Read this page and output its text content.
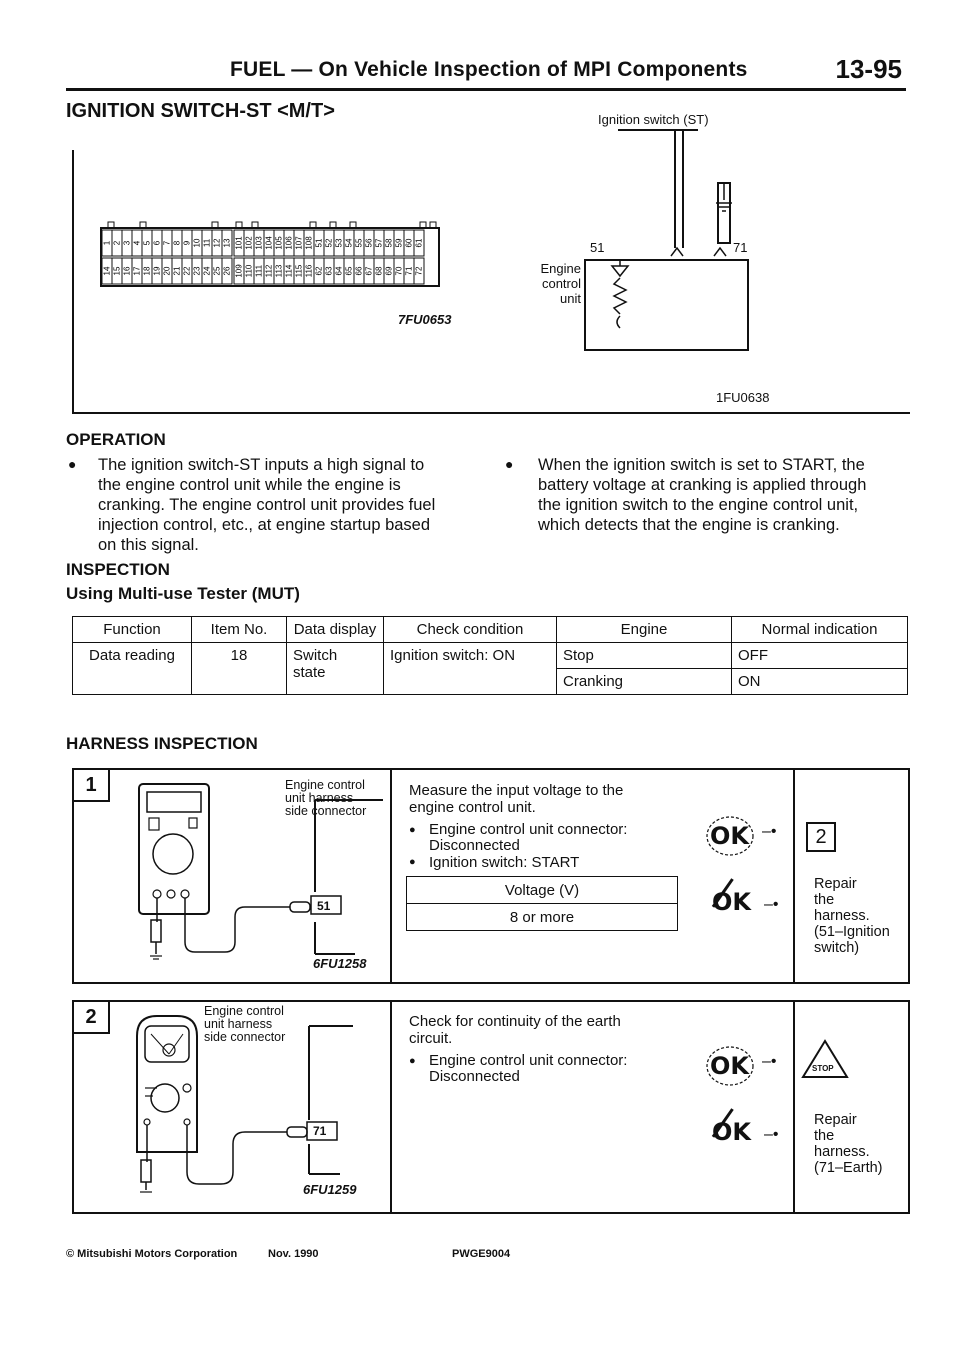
FUEL — On Vehicle Inspection of MPI Components	13-95
IGNITION SWITCH-ST <M/T>
1 2 3 4 5 6 7 8 9 10 11 12 13 101 102 103 104 105 106 107 108 51 52 53 54 55 56 57 58 59 60 61
14 15 16 17 18 19 20 21 22 23 24 25 26 109 110 111 112 113 114 115 116 62 63 64 65 66 67 68 69 70 71 72
7FU0653
Ignition switch (ST)
51	71
Engine
control
unit
1FU0638
OPERATION
● The ignition switch-ST inputs a high signal to
the engine control unit while the engine is
cranking. The engine control unit provides fuel
injection control, etc., at engine startup based
on this signal.
● When the ignition switch is set to START, the
battery voltage at cranking is applied through
the ignition switch to the engine control unit,
which detects that the engine is cranking.
INSPECTION
Using Multi-use Tester (MUT)
Function	Item No.	Data display	Check condition	Engine	Normal indication
Data reading	18	Switch
state	Ignition switch: ON	Stop	OFF
				Cranking	ON
HARNESS INSPECTION
1
51
Engine control
unit harness
side connector
6FU1258
Measure the input voltage to the
engine control unit.
● Engine control unit connector:
Disconnected
● Ignition switch: START
Voltage (V)
8 or more
OK –•	2
OK –•
Repair
the
harness.
(51–Ignition
switch)
2
71
Engine control
unit harness
side connector
6FU1259
Check for continuity of the earth
circuit.
● Engine control unit connector:
Disconnected	OK –•	STOP
OK –•
Repair
the
harness.
(71–Earth)
© Mitsubishi Motors Corporation	Nov. 1990	PWGE9004
